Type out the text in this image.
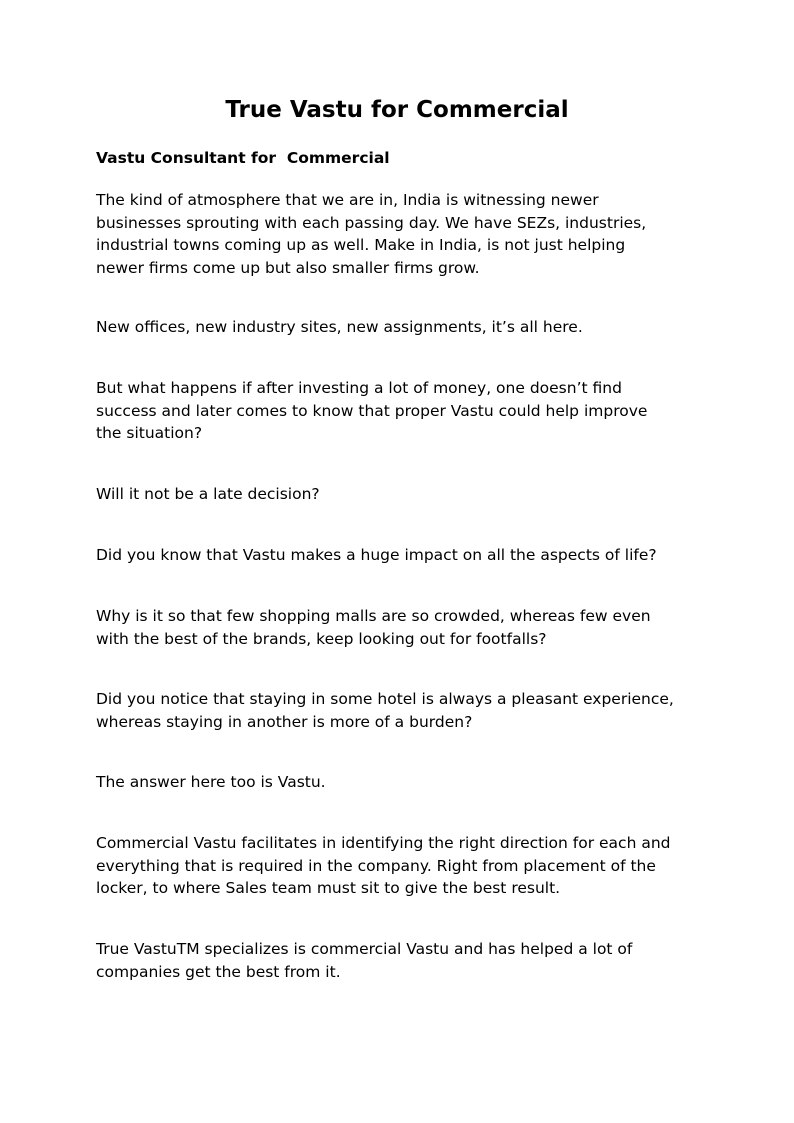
True Vastu for Commercial
Vastu Consultant for  Commercial

The kind of atmosphere that we are in, India is witnessing newer
businesses sprouting with each passing day. We have SEZs, industries,
industrial towns coming up as well. Make in India, is not just helping
newer firms come up but also smaller firms grow.

New offices, new industry sites, new assignments, it’s all here.

But what happens if after investing a lot of money, one doesn’t find
success and later comes to know that proper Vastu could help improve
the situation?

Will it not be a late decision?

Did you know that Vastu makes a huge impact on all the aspects of life?

Why is it so that few shopping malls are so crowded, whereas few even
with the best of the brands, keep looking out for footfalls?

Did you notice that staying in some hotel is always a pleasant experience,
whereas staying in another is more of a burden?

The answer here too is Vastu.

Commercial Vastu facilitates in identifying the right direction for each and
everything that is required in the company. Right from placement of the
locker, to where Sales team must sit to give the best result.

True VastuTM specializes is commercial Vastu and has helped a lot of
companies get the best from it.
